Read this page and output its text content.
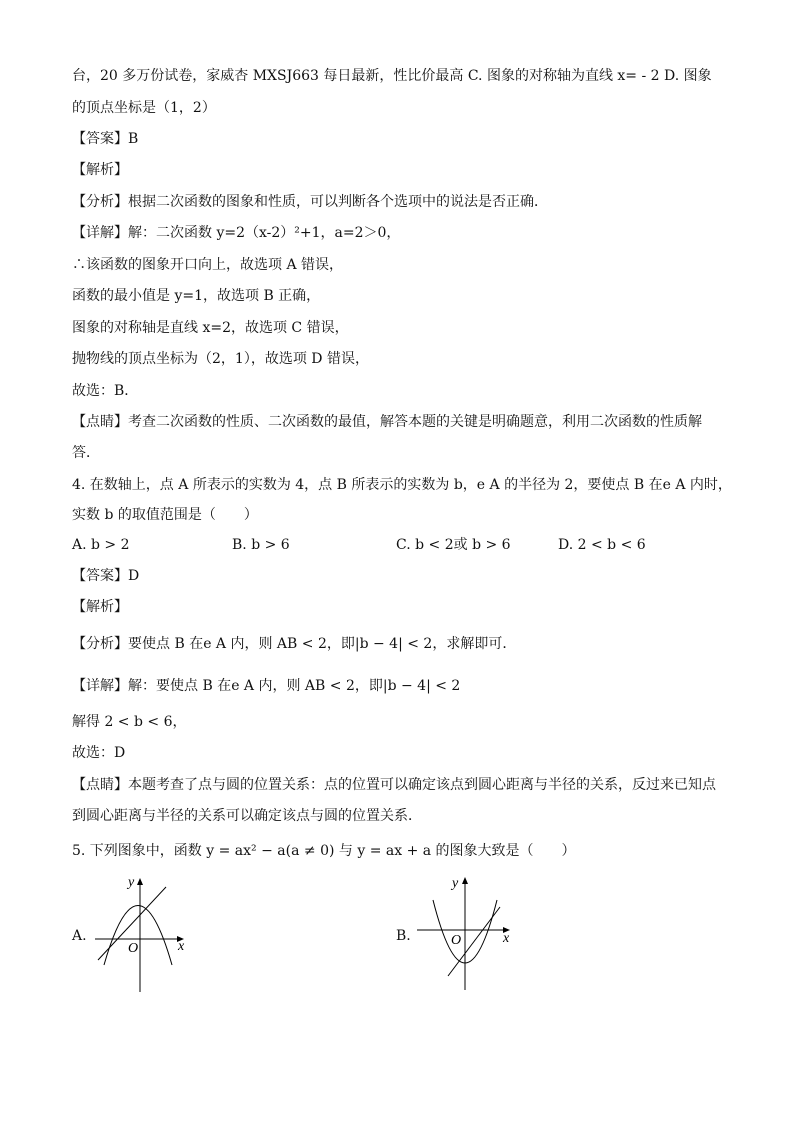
台，20 多万份试卷，家威杏 MXSJ663 每日最新，性比价最高 C. 图象的对称轴为直线 x= - 2 D. 图象
的顶点坐标是（1，2）
【答案】B
【解析】
【分析】根据二次函数的图象和性质，可以判断各个选项中的说法是否正确．
【详解】解：二次函数 y=2（x-2）²+1，a=2＞0，
∴该函数的图象开口向上，故选项 A 错误，
函数的最小值是 y=1，故选项 B 正确，
图象的对称轴是直线 x=2，故选项 C 错误，
抛物线的顶点坐标为（2，1），故选项 D 错误，
故选：B．
【点睛】考查二次函数的性质、二次函数的最值，解答本题的关键是明确题意，利用二次函数的性质解
答．
4. 在数轴上，点 A 所表示的实数为 4，点 B 所表示的实数为 b，e A 的半径为 2，要使点 B 在e A 内时，
实数 b 的取值范围是（　　）
A. b > 2	B. b > 6	C. b < 2或 b > 6	D. 2 < b < 6
【答案】D
【解析】
【分析】要使点 B 在e A 内，则 AB < 2，即|b − 4| < 2，求解即可．
【详解】解：要使点 B 在e A 内，则 AB < 2，即|b − 4| < 2
解得 2 < b < 6，
故选：D
【点睛】本题考查了点与圆的位置关系：点的位置可以确定该点到圆心距离与半径的关系，反过来已知点
到圆心距离与半径的关系可以确定该点与圆的位置关系．
5. 下列图象中，函数 y = ax² − a(a ≠ 0) 与 y = ax + a 的图象大致是（　　）
A.
y
x
O
B.
y
x
O
